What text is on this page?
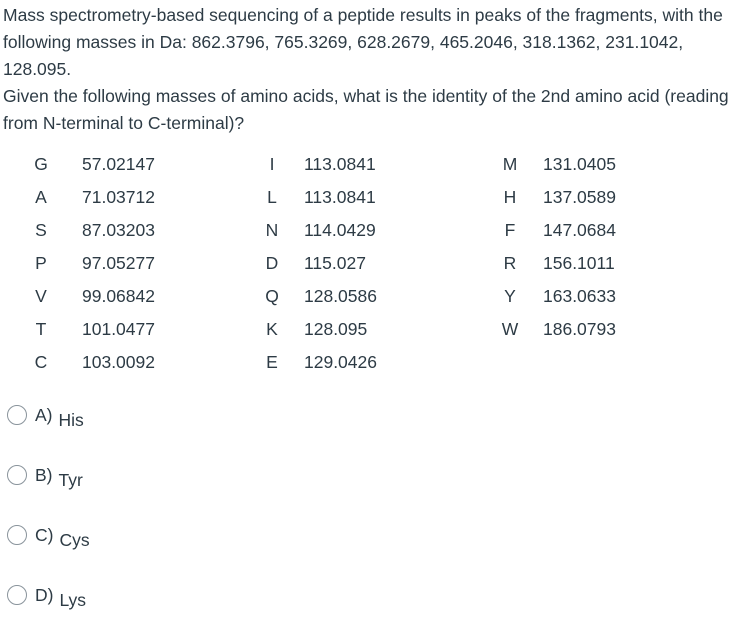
Mass spectrometry-based sequencing of a peptide results in peaks of the fragments, with the following masses in Da: 862.3796, 765.3269, 628.2679, 465.2046, 318.1362, 231.1042, 128.095.

Given the following masses of amino acids, what is the identity of the 2nd amino acid (reading from N-terminal to C-terminal)?

G	57.02147	I	113.0841	M	131.0405
A	71.03712	L	113.0841	H	137.0589
S	87.03203	N	114.0429	F	147.0684
P	97.05277	D	115.027	R	156.1011
V	99.06842	Q	128.0586	Y	163.0633
T	101.0477	K	128.095	W	186.0793
C	103.0092	E	129.0426		
A) His
B) Tyr
C) Cys
D) Lys
